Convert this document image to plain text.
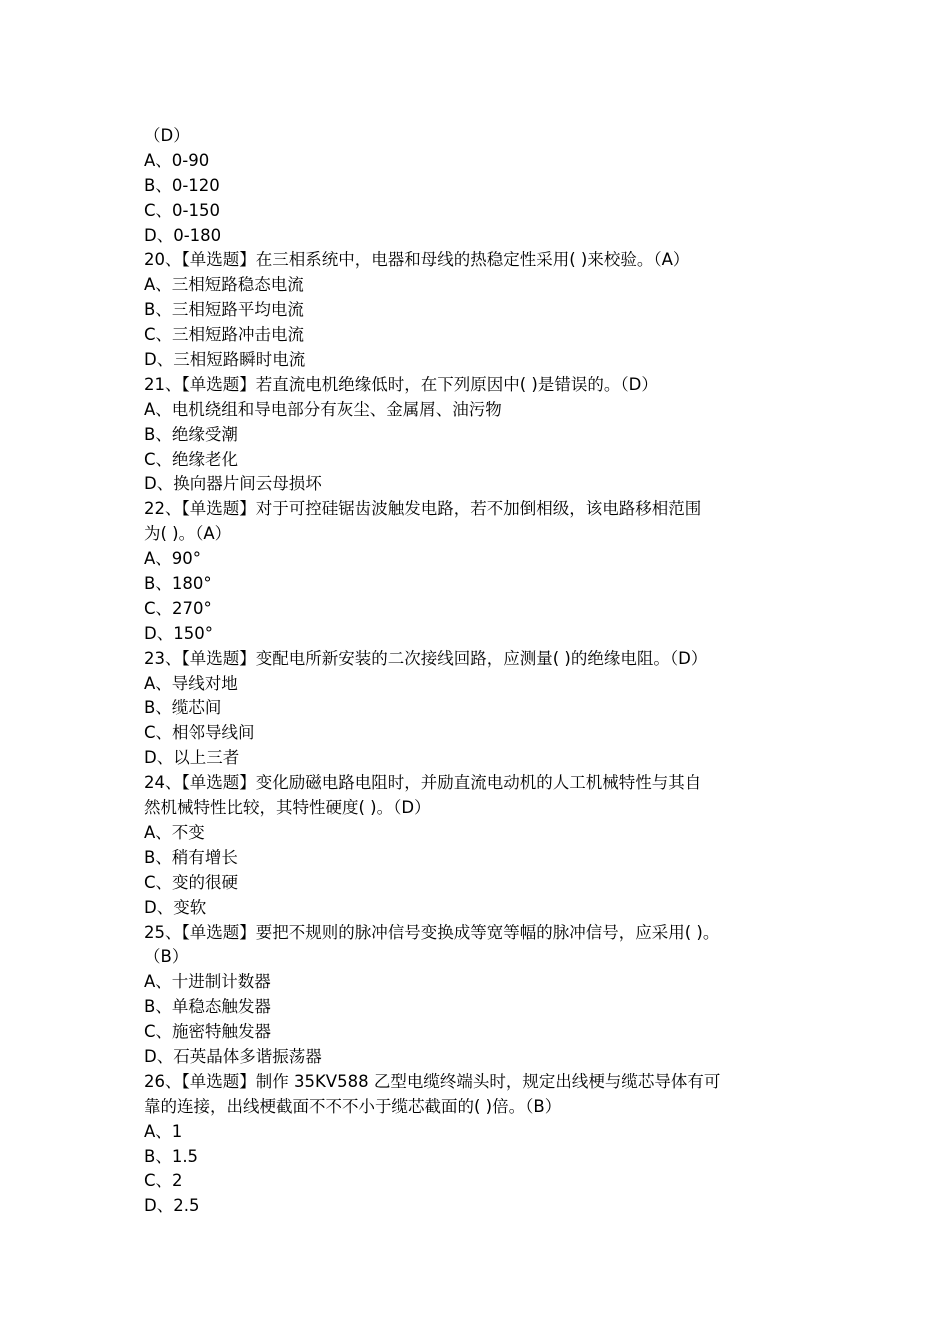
（D）
A、0-90
B、0-120
C、0-150
D、0-180
20、【单选题】在三相系统中，电器和母线的热稳定性采用( )来校验。（A）
A、三相短路稳态电流
B、三相短路平均电流
C、三相短路冲击电流
D、三相短路瞬时电流
21、【单选题】若直流电机绝缘低时，在下列原因中( )是错误的。（D）
A、电机绕组和导电部分有灰尘、金属屑、油污物
B、绝缘受潮
C、绝缘老化
D、换向器片间云母损坏
22、【单选题】对于可控硅锯齿波触发电路，若不加倒相级，该电路移相范围
为( )。（A）
A、90°
B、180°
C、270°
D、150°
23、【单选题】变配电所新安装的二次接线回路，应测量( )的绝缘电阻。（D）
A、导线对地
B、缆芯间
C、相邻导线间
D、以上三者
24、【单选题】变化励磁电路电阻时，并励直流电动机的人工机械特性与其自
然机械特性比较，其特性硬度( )。（D）
A、不变
B、稍有增长
C、变的很硬
D、变软
25、【单选题】要把不规则的脉冲信号变换成等宽等幅的脉冲信号，应采用( )。
（B）
A、十进制计数器
B、单稳态触发器
C、施密特触发器
D、石英晶体多谐振荡器
26、【单选题】制作 35KV588 乙型电缆终端头时，规定出线梗与缆芯导体有可
靠的连接，出线梗截面不不不小于缆芯截面的( )倍。（B）
A、1
B、1.5
C、2
D、2.5
